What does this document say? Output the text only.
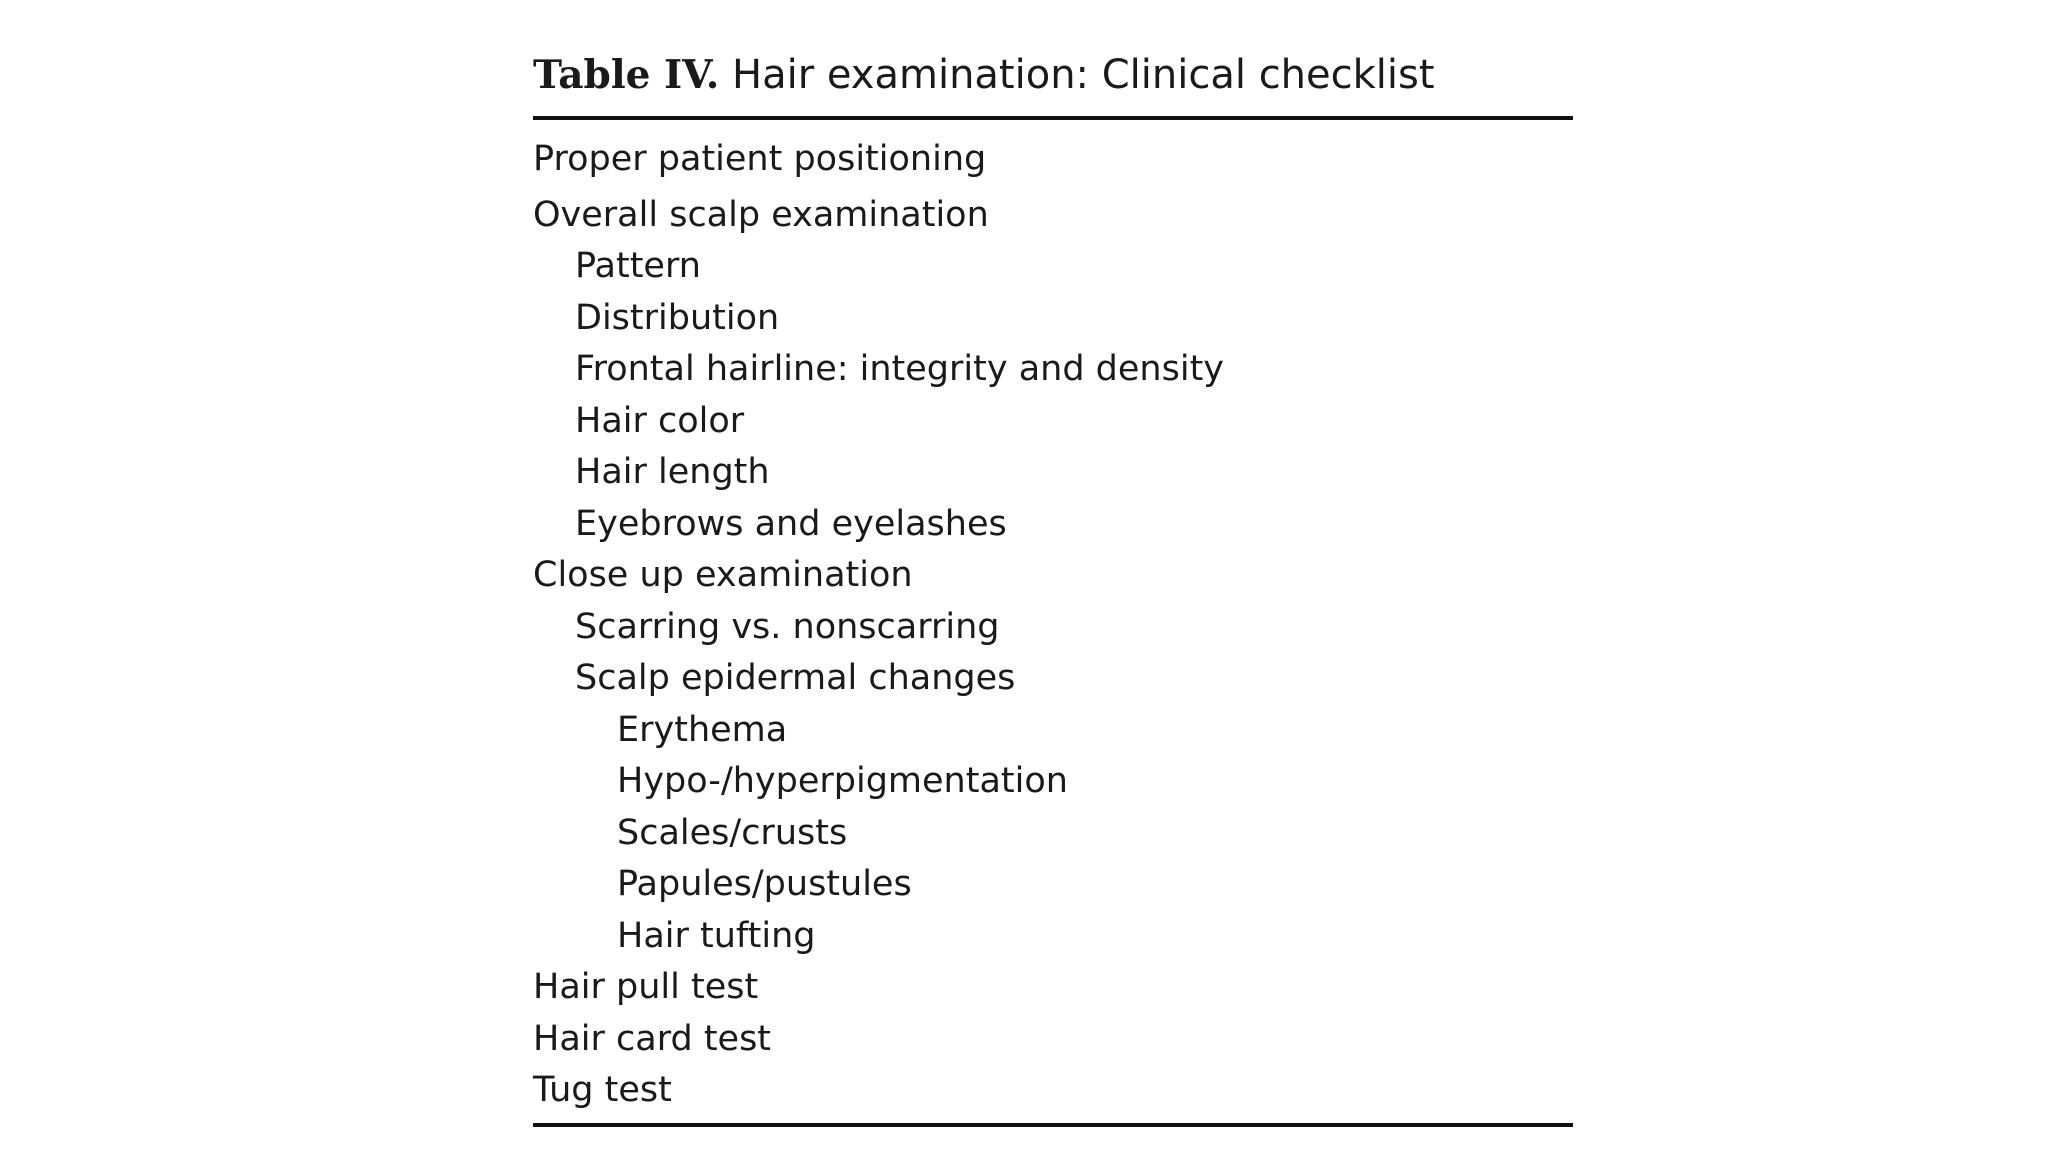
Table IV. Hair examination: Clinical checklist

Proper patient positioning
Overall scalp examination
Pattern
Distribution
Frontal hairline: integrity and density
Hair color
Hair length
Eyebrows and eyelashes
Close up examination
Scarring vs. nonscarring
Scalp epidermal changes
Erythema
Hypo-/hyperpigmentation
Scales/crusts
Papules/pustules
Hair tufting
Hair pull test
Hair card test
Tug test
